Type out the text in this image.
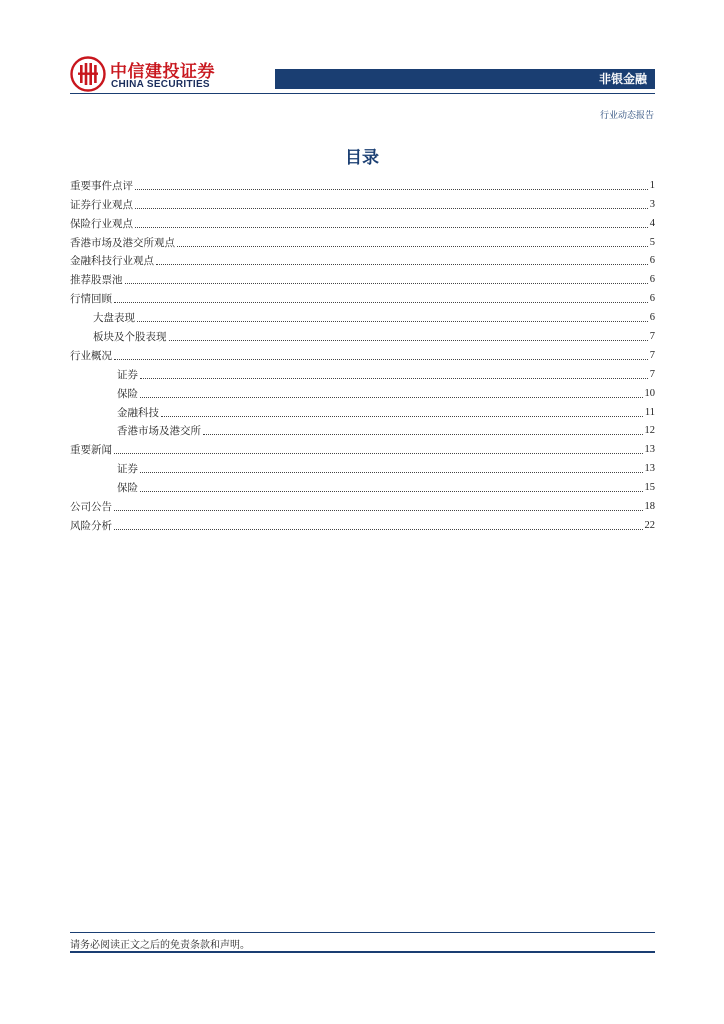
中信建投证券
CHINA SECURITIES	非银金融
行业动态报告
目录
重要事件点评	1
证券行业观点	3
保险行业观点	4
香港市场及港交所观点	5
金融科技行业观点	6
推荐股票池	6
行情回顾	6
大盘表现	6
板块及个股表现	7
行业概况	7
证券	7
保险	10
金融科技	11
香港市场及港交所	12
重要新闻	13
证券	13
保险	15
公司公告	18
风险分析	22
请务必阅读正文之后的免责条款和声明。
